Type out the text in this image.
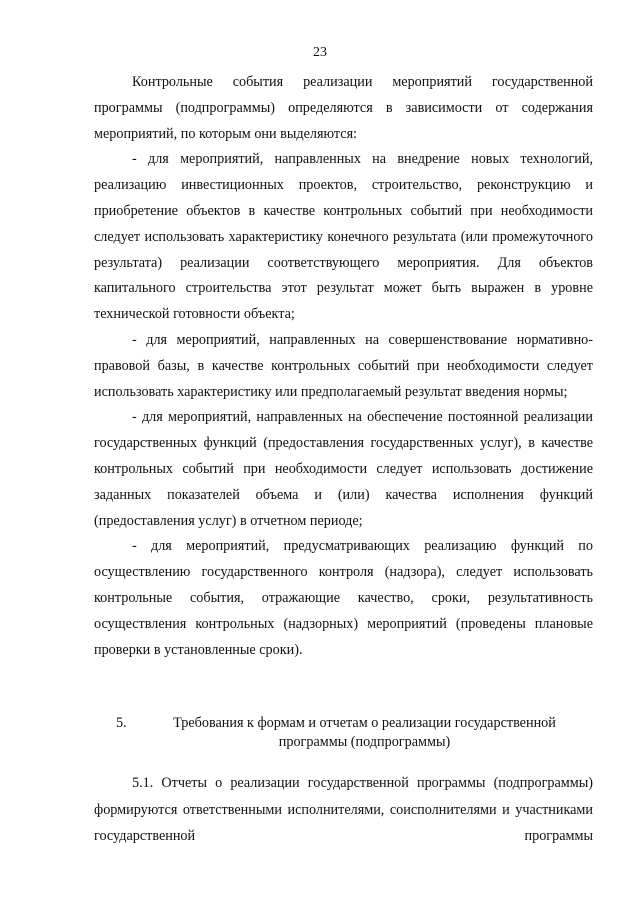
23

Контрольные события реализации мероприятий государственной программы (подпрограммы) определяются в зависимости от содержания мероприятий, по которым они выделяются:

- для мероприятий, направленных на внедрение новых технологий, реализацию инвестиционных проектов, строительство, реконструкцию и приобретение объектов в качестве контрольных событий при необходимости следует использовать характеристику конечного результата (или промежуточного результата) реализации соответствующего мероприятия. Для объектов капитального строительства этот результат может быть выражен в уровне технической готовности объекта;

- для мероприятий, направленных на совершенствование нормативно-правовой базы, в качестве контрольных событий при необходимости следует использовать характеристику или предполагаемый результат введения нормы;

- для мероприятий, направленных на обеспечение постоянной реализации государственных функций (предоставления государственных услуг), в качестве контрольных событий при необходимости следует использовать достижение заданных показателей объема и (или) качества исполнения функций (предоставления услуг) в отчетном периоде;

- для мероприятий, предусматривающих реализацию функций по осуществлению государственного контроля (надзора), следует использовать контрольные события, отражающие качество, сроки, результативность осуществления контрольных (надзорных) мероприятий (проведены плановые проверки в установленные сроки).

5.	Требования к формам и отчетам о реализации государственной программы (подпрограммы)

5.1. Отчеты о реализации государственной программы (подпрограммы) формируются ответственными исполнителями, соисполнителями и участниками государственной программы
